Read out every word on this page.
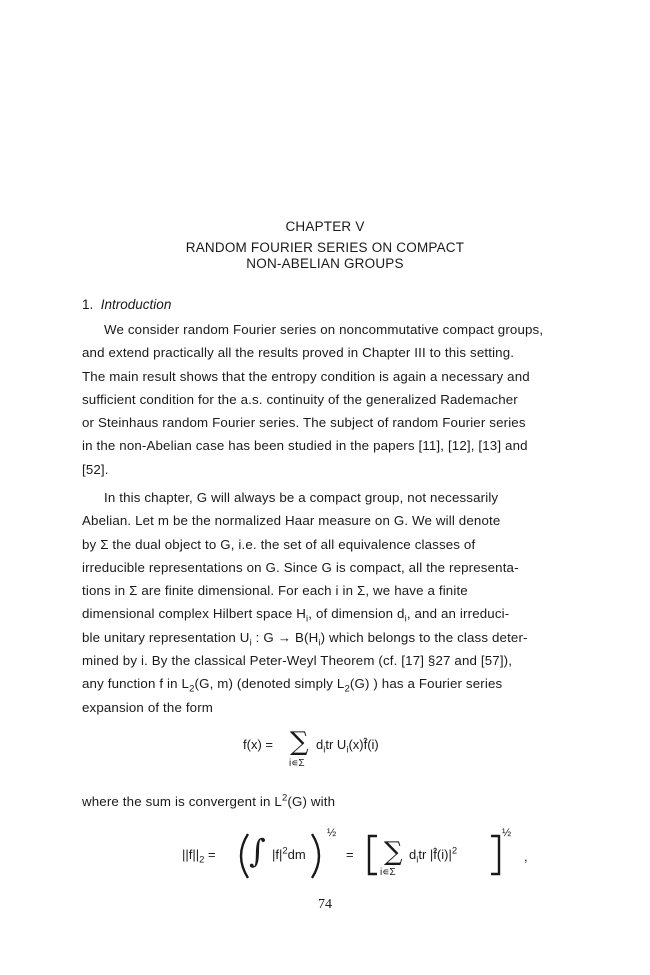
CHAPTER V
RANDOM FOURIER SERIES ON COMPACT
NON-ABELIAN GROUPS
1. Introduction
We consider random Fourier series on noncommutative compact groups,
and extend practically all the results proved in Chapter III to this setting.
The main result shows that the entropy condition is again a necessary and
sufficient condition for the a.s. continuity of the generalized Rademacher
or Steinhaus random Fourier series. The subject of random Fourier series
in the non-Abelian case has been studied in the papers [11], [12], [13] and
[52].
In this chapter, G will always be a compact group, not necessarily
Abelian. Let m be the normalized Haar measure on G. We will denote
by Σ the dual object to G, i.e. the set of all equivalence classes of
irreducible representations on G. Since G is compact, all the representa-
tions in Σ are finite dimensional. For each i in Σ, we have a finite
dimensional complex Hilbert space $H_i$, of dimension $d_i$, and an irreduci-
ble unitary representation $U_i$ : $G \to B(H_i)$ which belongs to the class deter-
mined by i. By the classical Peter-Weyl Theorem (cf. [17] §27 and [57]),
any function f in $L_2(G$, m) (denoted simply $L_2(G)$ ) has a Fourier series
expansion of the form
f(x) = ∑
i∊Σ
$d_itr$ $U_i(x)f̂(i)$
where the sum is convergent in $L^2(G)$ with
$||f||_2$ = ∫ $|f|^2dm$
½
= ∑
i∊Σ
$d_itr$ $|f̂(i)|^2$
½
,
74
